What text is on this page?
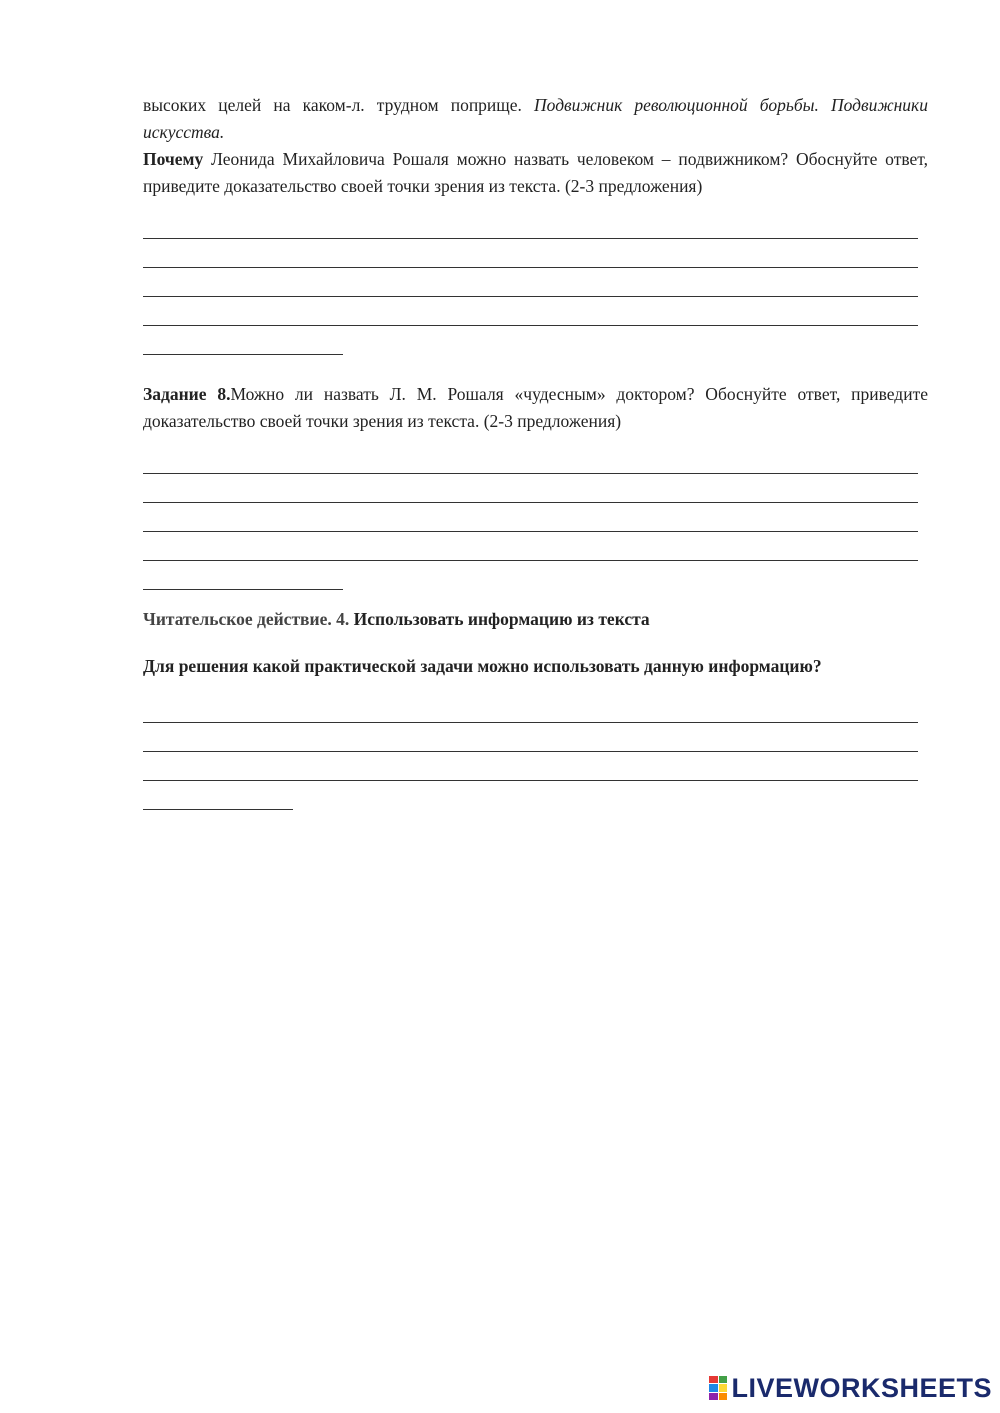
высоких целей на каком-л. трудном поприще. Подвижник революционной борьбы. Подвижники искусства.

Почему Леонида Михайловича Рошаля можно назвать человеком – подвижником? Обоснуйте ответ, приведите доказательство своей точки зрения из текста. (2-3 предложения)

Задание 8.Можно ли назвать Л. М. Рошаля «чудесным» доктором? Обоснуйте ответ, приведите доказательство своей точки зрения из текста. (2-3 предложения)

Читательское действие. 4. Использовать информацию из текста

Для решения какой практической задачи можно использовать данную информацию?

LIVEWORKSHEETS
